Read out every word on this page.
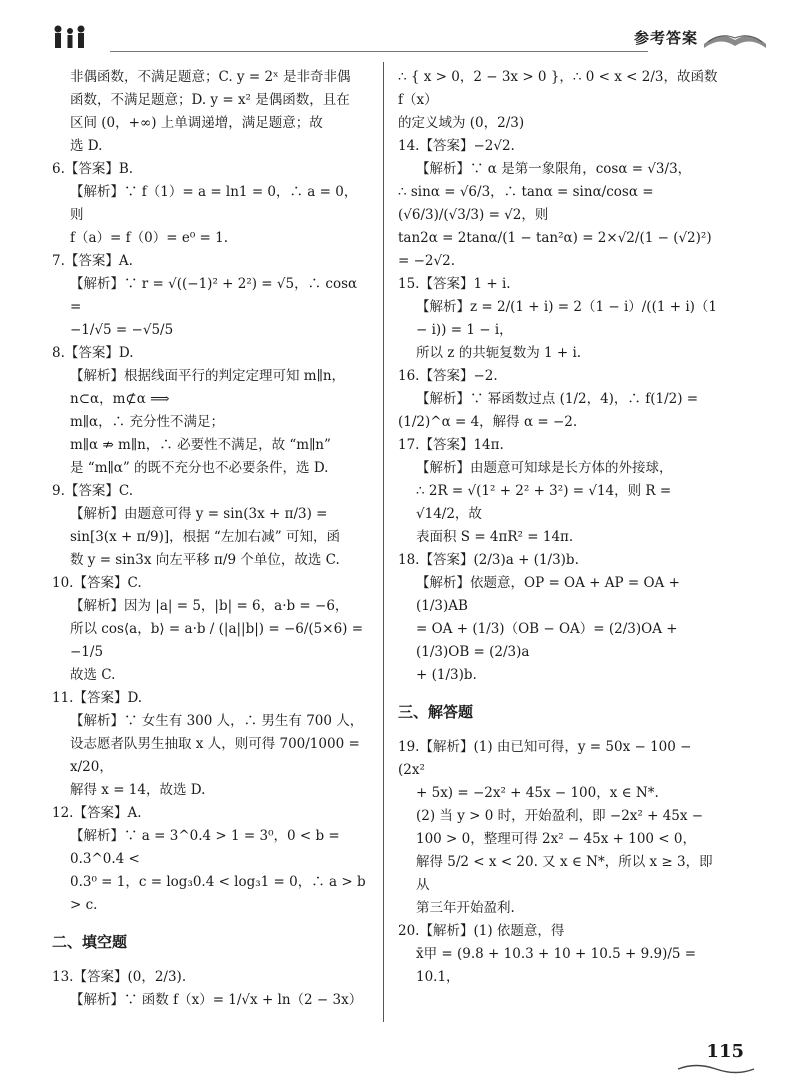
参考答案
非偶函数，不满足题意；C. y = 2ˣ 是非奇非偶
函数，不满足题意；D. y = x² 是偶函数，且在
区间 (0，+∞) 上单调递增，满足题意；故
选 D.
6.【答案】B.
【解析】∵ f（1）= a = ln1 = 0，∴ a = 0，则
f（a）= f（0）= e⁰ = 1.
7.【答案】A.
【解析】∵ r = √((−1)² + 2²) = √5，∴ cosα =
−1/√5 = −√5/5
8.【答案】D.
【解析】根据线面平行的判定定理可知 m∥n，n⊂α，m⊄α ⟹
m∥α，∴ 充分性不满足；
m∥α ⇏ m∥n，∴ 必要性不满足，故 “m∥n”
是 “m∥α” 的既不充分也不必要条件，选 D.
9.【答案】C.
【解析】由题意可得 y = sin(3x + π/3) =
sin[3(x + π/9)]，根据 “左加右减” 可知，函
数 y = sin3x 向左平移 π/9 个单位，故选 C.
10.【答案】C.
【解析】因为 |a| = 5，|b| = 6，a·b = −6，
所以 cos⟨a，b⟩ = a·b / (|a||b|) = −6/(5×6) = −1/5
故选 C.
11.【答案】D.
【解析】∵ 女生有 300 人，∴ 男生有 700 人，
设志愿者队男生抽取 x 人，则可得 700/1000 = x/20，
解得 x = 14，故选 D.
12.【答案】A.
【解析】∵ a = 3^0.4 > 1 = 3⁰，0 < b = 0.3^0.4 <
0.3⁰ = 1，c = log₃0.4 < log₃1 = 0，∴ a > b > c.
二、填空题
13.【答案】(0，2/3).
【解析】∵ 函数 f（x）= 1/√x + ln（2 − 3x）
∴ { x > 0，2 − 3x > 0 }，∴ 0 < x < 2/3，故函数 f（x）
的定义域为 (0，2/3)
14.【答案】−2√2.
【解析】∵ α 是第一象限角，cosα = √3/3，
∴ sinα = √6/3，∴ tanα = sinα/cosα = (√6/3)/(√3/3) = √2，则
tan2α = 2tanα/(1 − tan²α) = 2×√2/(1 − (√2)²) = −2√2.
15.【答案】1 + i.
【解析】z = 2/(1 + i) = 2（1 − i）/((1 + i)（1 − i)) = 1 − i，
所以 z 的共轭复数为 1 + i.
16.【答案】−2.
【解析】∵ 幂函数过点 (1/2，4)，∴ f(1/2) =
(1/2)^α = 4，解得 α = −2.
17.【答案】14π.
【解析】由题意可知球是长方体的外接球，
∴ 2R = √(1² + 2² + 3²) = √14，则 R = √14/2，故
表面积 S = 4πR² = 14π.
18.【答案】(2/3)a + (1/3)b.
【解析】依题意，OP = OA + AP = OA + (1/3)AB
= OA + (1/3)（OB − OA）= (2/3)OA + (1/3)OB = (2/3)a
+ (1/3)b.
三、解答题
19.【解析】(1) 由已知可得，y = 50x − 100 − (2x²
+ 5x) = −2x² + 45x − 100，x ∈ N*.
(2) 当 y > 0 时，开始盈利，即 −2x² + 45x −
100 > 0，整理可得 2x² − 45x + 100 < 0，
解得 5/2 < x < 20. 又 x ∈ N*，所以 x ≥ 3，即从
第三年开始盈利.
20.【解析】(1) 依题意，得
x̄甲 = (9.8 + 10.3 + 10 + 10.5 + 9.9)/5 = 10.1，
115
